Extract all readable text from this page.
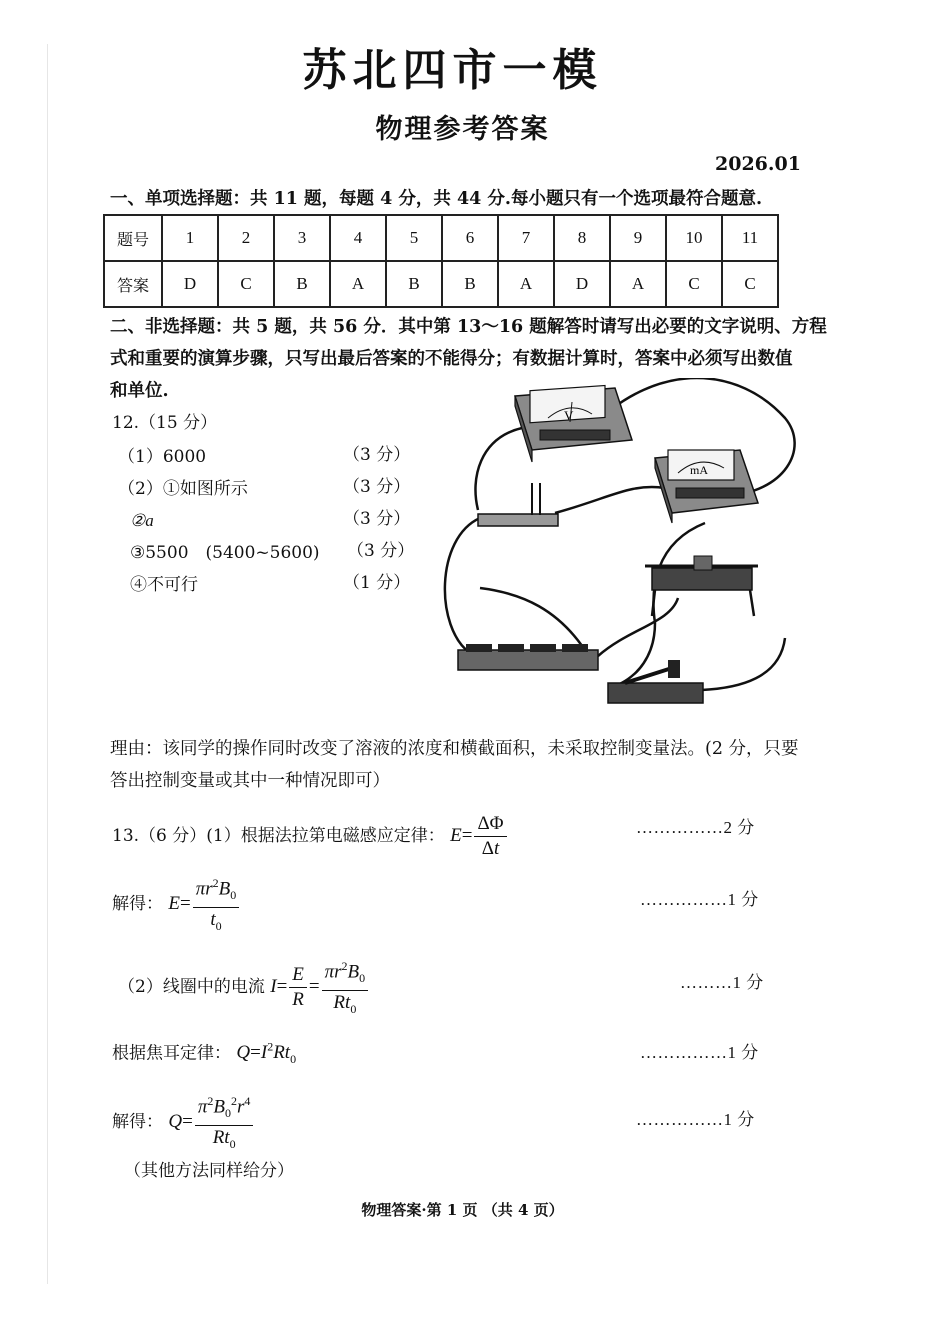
苏北四市一模
物理参考答案
2026.01
一、单项选择题：共 11 题，每题 4 分，共 44 分.每小题只有一个选项最符合题意.
题号	1	2	3	4	5	6	7	8	9	10	11
答案	D	C	B	A	B	B	A	D	A	C	C
二、非选择题：共 5 题，共 56 分．其中第 13～16 题解答时请写出必要的文字说明、方程
式和重要的演算步骤，只写出最后答案的不能得分；有数据计算时，答案中必须写出数值
和单位.
12.（15 分）
（1）6000	（3 分）
（2）①如图所示	（3 分）
②a	（3 分）
③5500　(5400~5600) （3 分）
④不可行	（1 分）
V
mA
理由：该同学的操作同时改变了溶液的浓度和横截面积，未采取控制变量法。(2 分，只要
答出控制变量或其中一种情况即可）
13.（6 分）(1）根据法拉第电磁感应定律： $E= \frac{\Delta\Phi}{\Delta t}$	……………2 分
解得： $E= \frac{\pi r^2B_0}{t_0}$	……………1 分
（2）线圈中的电流 $I= \frac{E}{R} = \frac{\pi r^2B_0}{Rt_0}$	………1 分
根据焦耳定律： $Q=I^2Rt_0$	……………1 分
解得： $Q= \frac{\pi^2B_0^2r^4}{Rt_0}$	……………1 分
（其他方法同样给分）
物理答案·第 1 页 （共 4 页）
